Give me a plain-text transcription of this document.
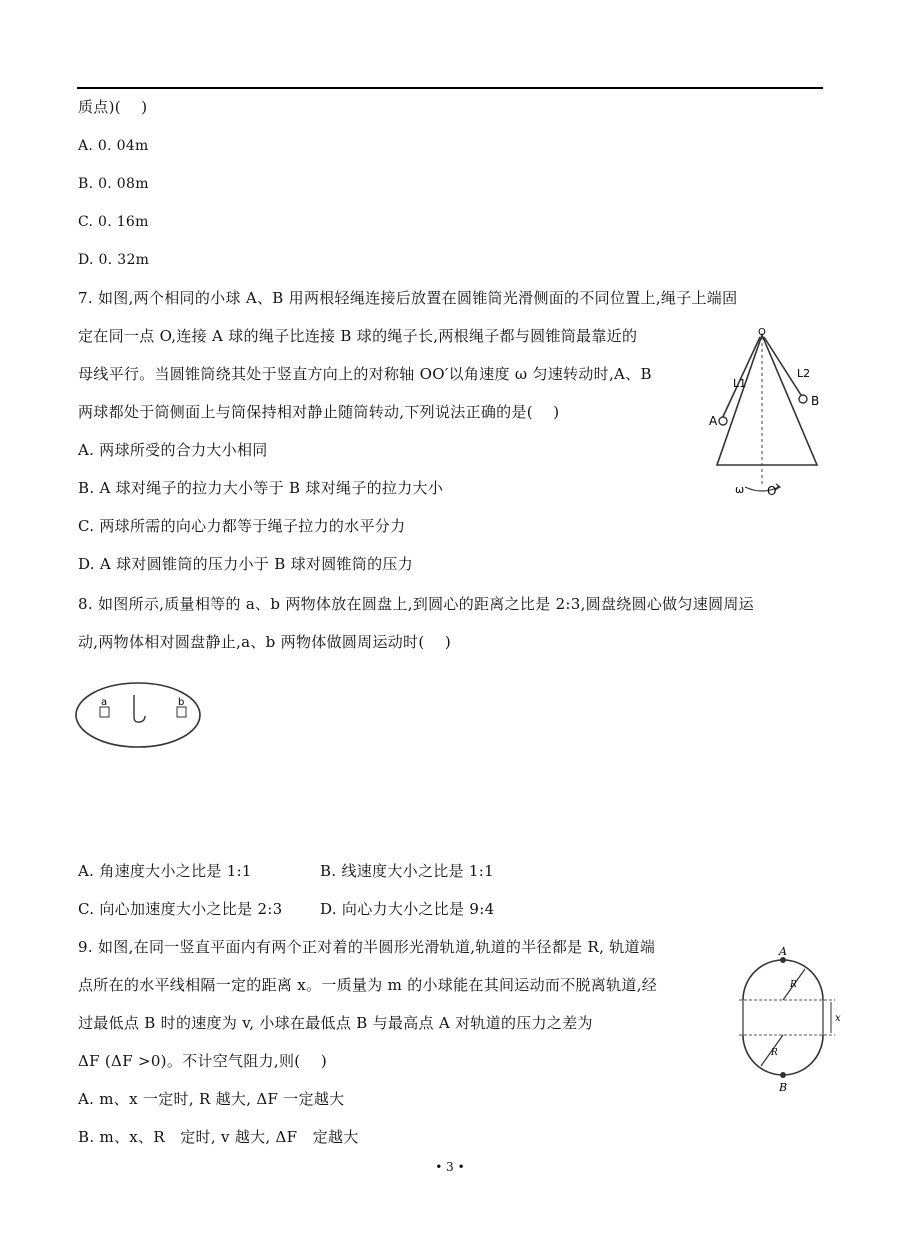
质点)(　 )
A. 0. 04m
B. 0. 08m
C. 0. 16m
D. 0. 32m
7. 如图,两个相同的小球 A、B 用两根轻绳连接后放置在圆锥筒光滑侧面的不同位置上,绳子上端固
定在同一点 O,连接 A 球的绳子比连接 B 球的绳子长,两根绳子都与圆锥筒最靠近的
母线平行。当圆锥筒绕其处于竖直方向上的对称轴 OO′以角速度 ω 匀速转动时,A、B
两球都处于筒侧面上与筒保持相对静止随筒转动,下列说法正确的是(　 )
A. 两球所受的合力大小相同
B. A 球对绳子的拉力大小等于 B 球对绳子的拉力大小
C. 两球所需的向心力都等于绳子拉力的水平分力
D. A 球对圆锥筒的压力小于 B 球对圆锥筒的压力
O
L1
L2
A
B
ω O′
8. 如图所示,质量相等的 a、b 两物体放在圆盘上,到圆心的距离之比是 2:3,圆盘绕圆心做匀速圆周运
动,两物体相对圆盘静止,a、b 两物体做圆周运动时(　 )
a	b
A. 角速度大小之比是 1:1	B. 线速度大小之比是 1:1
C. 向心加速度大小之比是 2:3	D. 向心力大小之比是 9:4
9. 如图,在同一竖直平面内有两个正对着的半圆形光滑轨道,轨道的半径都是 R, 轨道端
点所在的水平线相隔一定的距离 x。一质量为 m 的小球能在其间运动而不脱离轨道,经
过最低点 B 时的速度为 v, 小球在最低点 B 与最高点 A 对轨道的压力之差为
ΔF (ΔF >0)。不计空气阻力,则(　 )
A. m、x 一定时, R 越大, ΔF 一定越大
B. m、x、R　定时, v 越大, ΔF　定越大
A
B
R
R
x
• 3 •
